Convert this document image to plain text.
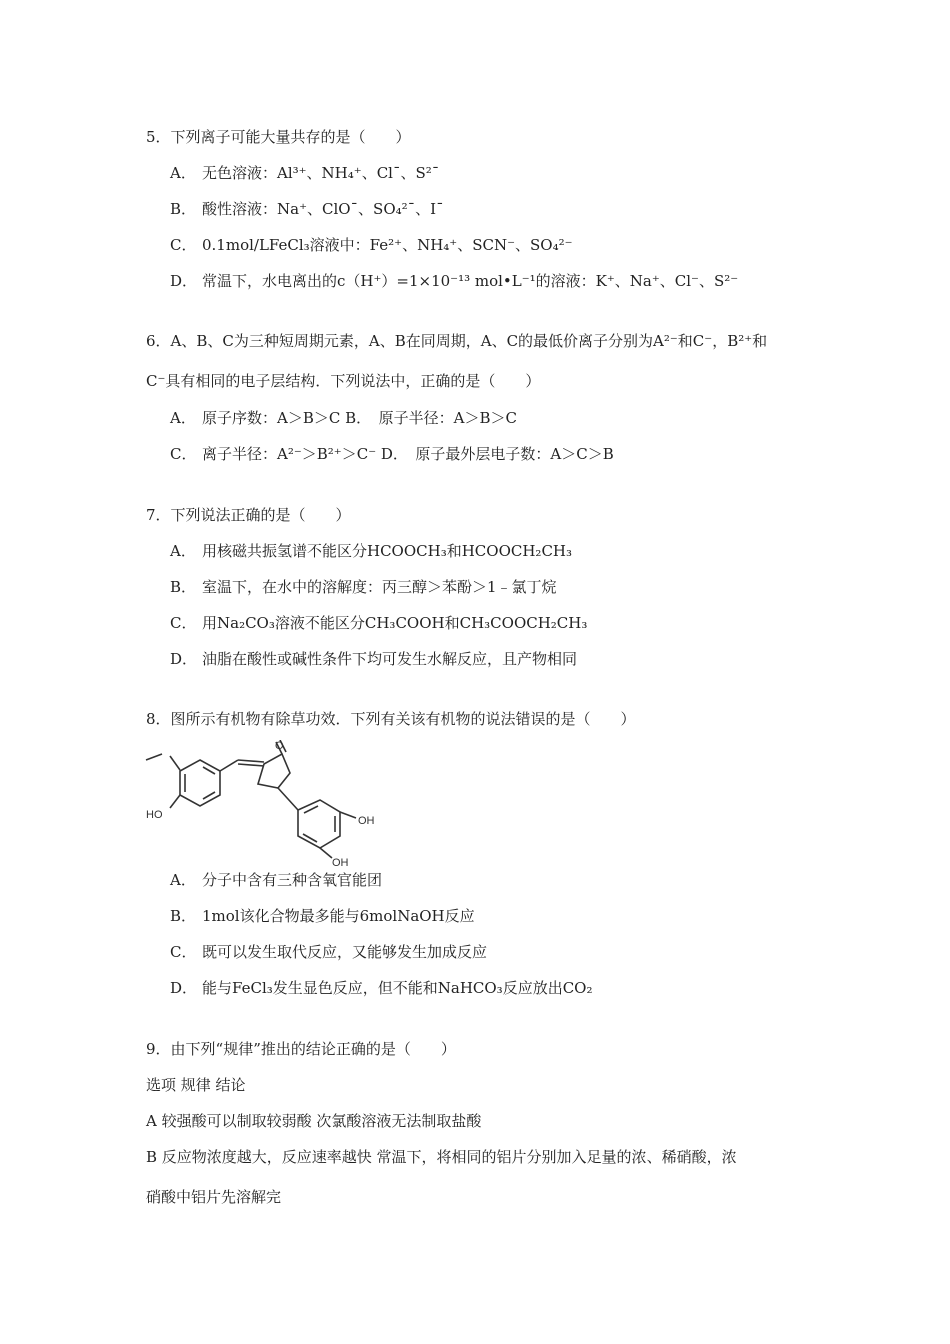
5．下列离子可能大量共存的是（　　）
A． 无色溶液：Al³⁺、NH₄⁺、Cl¯、S²¯
B． 酸性溶液：Na⁺、ClO¯、SO₄²¯、I¯
C． 0.1mol/LFeCl₃溶液中：Fe²⁺、NH₄⁺、SCN⁻、SO₄²⁻
D． 常温下，水电离出的c（H⁺）=1×10⁻¹³ mol•L⁻¹的溶液：K⁺、Na⁺、Cl⁻、S²⁻
6．A、B、C为三种短周期元素，A、B在同周期，A、C的最低价离子分别为A²⁻和C⁻，B²⁺和
C⁻具有相同的电子层结构．下列说法中，正确的是（　　）
A． 原子序数：A＞B＞C B．　原子半径：A＞B＞C
C． 离子半径：A²⁻＞B²⁺＞C⁻ D．　原子最外层电子数：A＞C＞B
7．下列说法正确的是（　　）
A． 用核磁共振氢谱不能区分HCOOCH₃和HCOOCH₂CH₃
B． 室温下，在水中的溶解度：丙三醇＞苯酚＞1﹣氯丁烷
C． 用Na₂CO₃溶液不能区分CH₃COOH和CH₃COOCH₂CH₃
D． 油脂在酸性或碱性条件下均可发生水解反应，且产物相同
8．图所示有机物有除草功效．下列有关该有机物的说法错误的是（　　）
O
HO	OH
OH
A． 分子中含有三种含氧官能团
B． 1mol该化合物最多能与6molNaOH反应
C． 既可以发生取代反应，又能够发生加成反应
D． 能与FeCl₃发生显色反应，但不能和NaHCO₃反应放出CO₂
9．由下列“规律”推出的结论正确的是（　　）
选项 规律 结论
A 较强酸可以制取较弱酸 次氯酸溶液无法制取盐酸
B 反应物浓度越大，反应速率越快 常温下，将相同的铝片分别加入足量的浓、稀硝酸，浓
硝酸中铝片先溶解完
